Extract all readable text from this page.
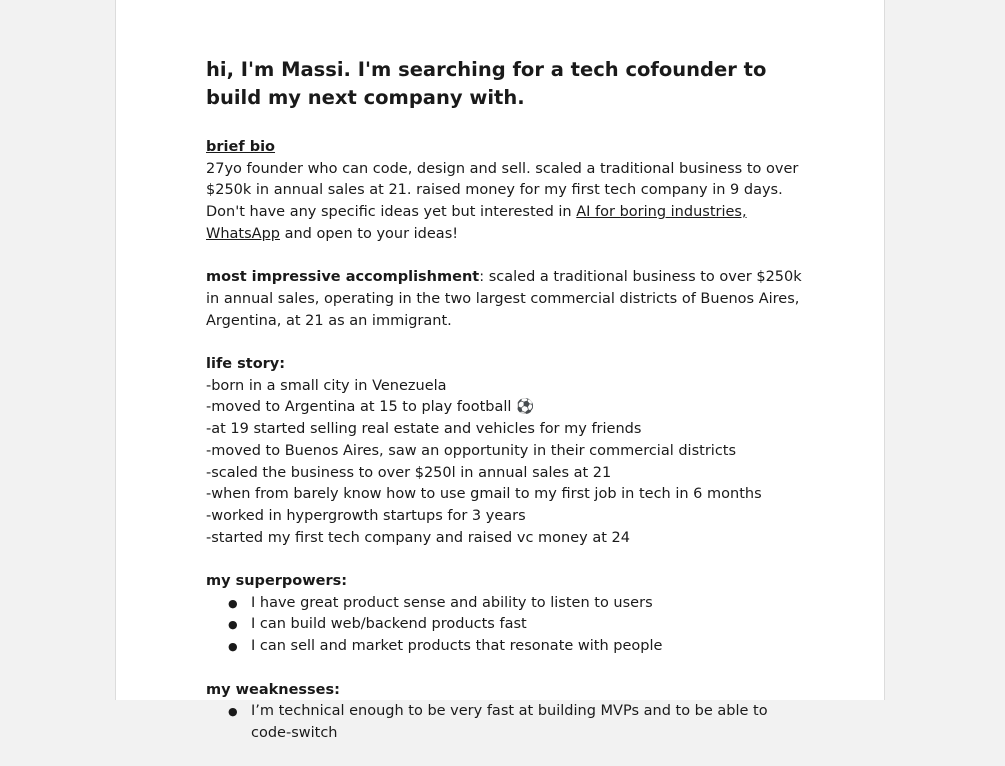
hi, I'm Massi. I'm searching for a tech cofounder to build my next company with.
brief bio
27yo founder who can code, design and sell. scaled a traditional business to over $250k in annual sales at 21. raised money for my first tech company in 9 days. Don't have any specific ideas yet but interested in AI for boring industries, WhatsApp and open to your ideas!
most impressive accomplishment: scaled a traditional business to over $250k in annual sales, operating in the two largest commercial districts of Buenos Aires, Argentina, at 21 as an immigrant.
life story:
-born in a small city in Venezuela
-moved to Argentina at 15 to play football ⚽
-at 19 started selling real estate and vehicles for my friends
-moved to Buenos Aires, saw an opportunity in their commercial districts
-scaled the business to over $250l in annual sales at 21
-when from barely know how to use gmail to my first job in tech in 6 months
-worked in hypergrowth startups for 3 years
-started my first tech company and raised vc money at 24
my superpowers:
● I have great product sense and ability to listen to users
● I can build web/backend products fast
● I can sell and market products that resonate with people
my weaknesses:
● I’m technical enough to be very fast at building MVPs and to be able to code-switch
